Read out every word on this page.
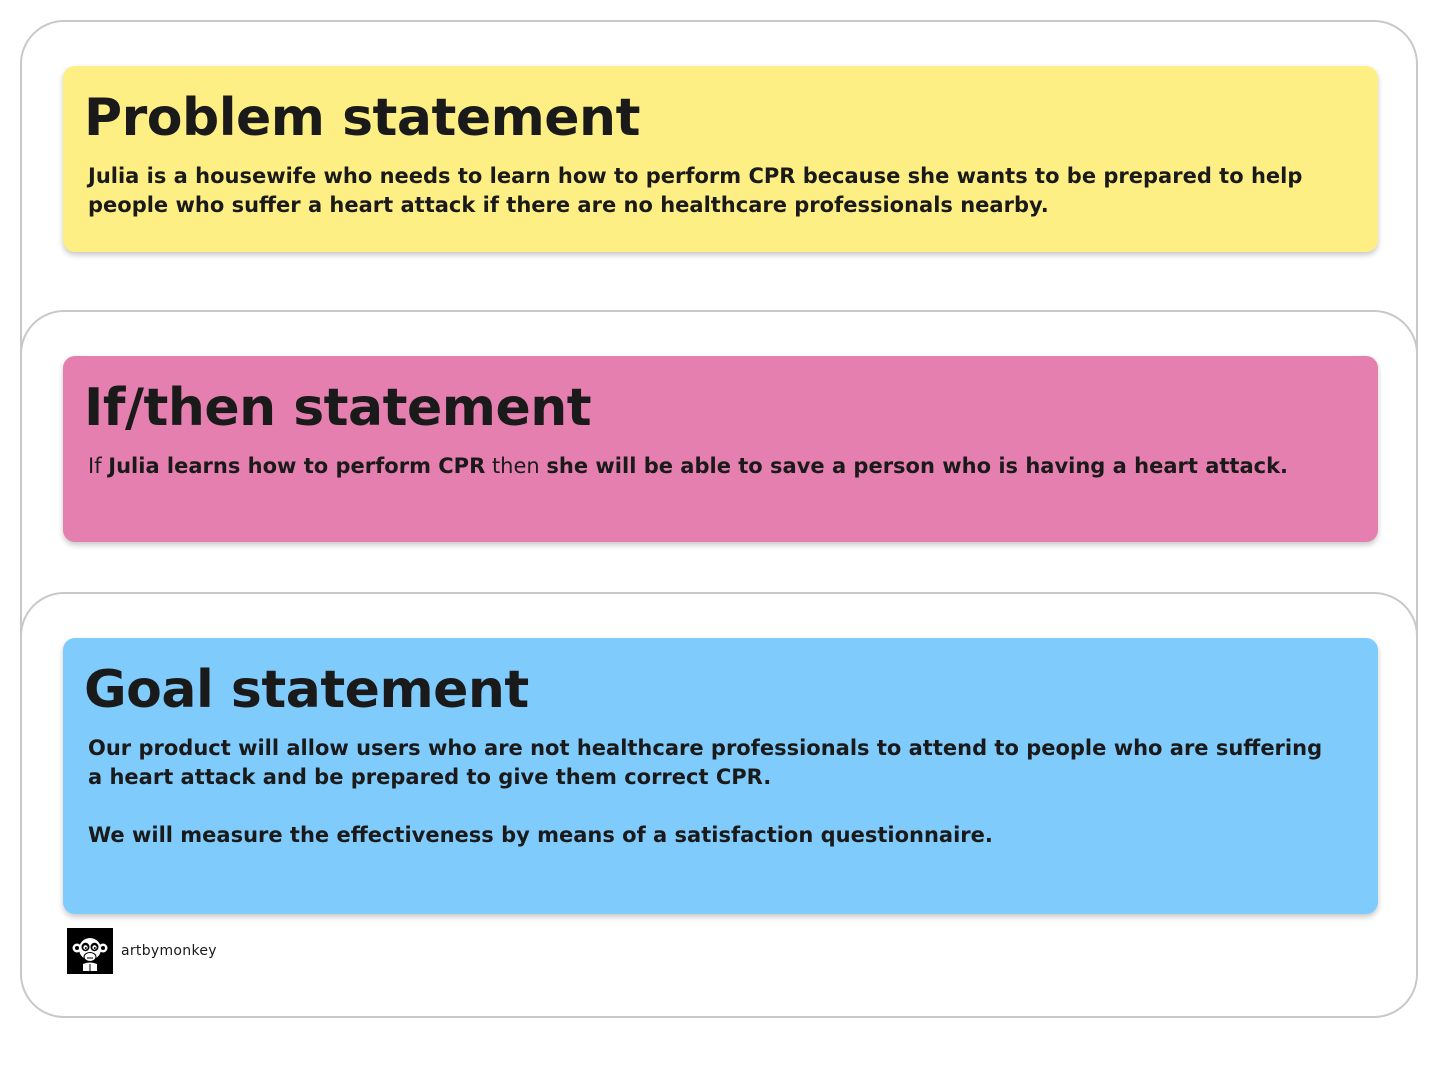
Problem statement

Julia is a housewife who needs to learn how to perform CPR because she wants to be prepared to help people who suffer a heart attack if there are no healthcare professionals nearby.

If/then statement

If Julia learns how to perform CPR then she will be able to save a person who is having a heart attack.

Goal statement

Our product will allow users who are not healthcare professionals to attend to people who are suffering a heart attack and be prepared to give them correct CPR.

We will measure the effectiveness by means of a satisfaction questionnaire.

artbymonkey
